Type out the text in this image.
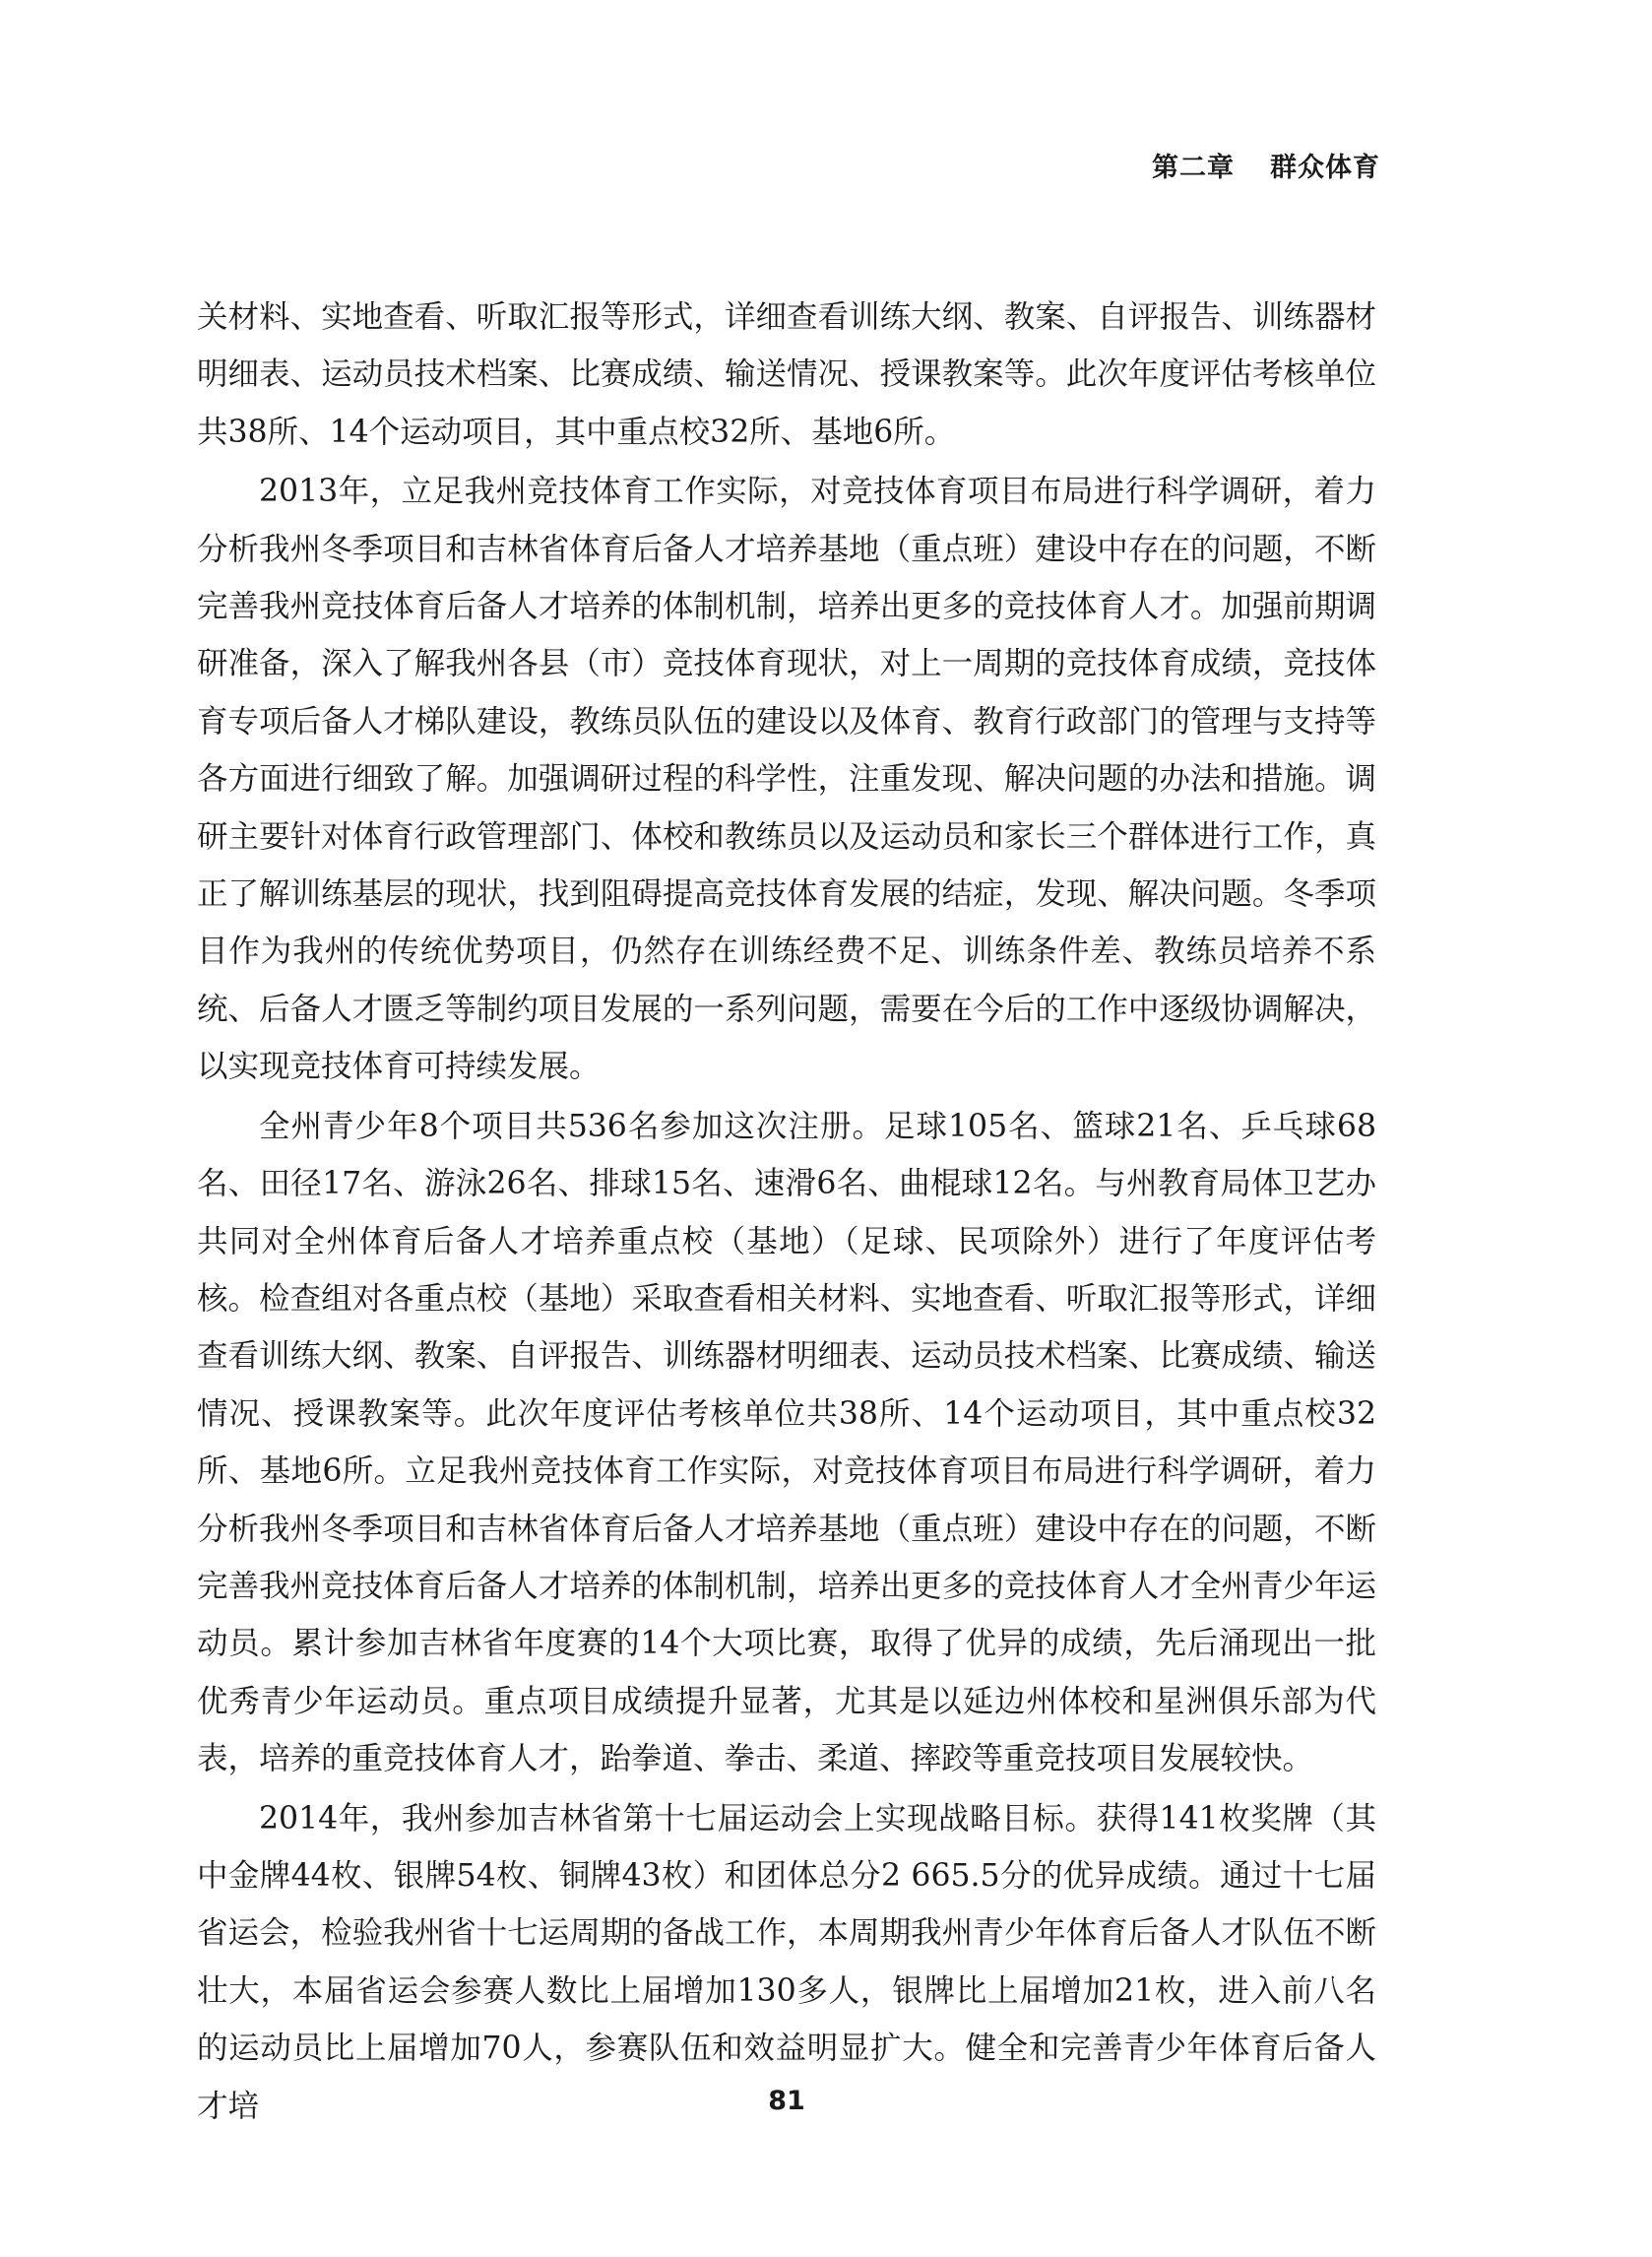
第二章 群众体育

关材料、实地查看、听取汇报等形式，详细查看训练大纲、教案、自评报告、训练器材明细表、运动员技术档案、比赛成绩、输送情况、授课教案等。此次年度评估考核单位共38所、14个运动项目，其中重点校32所、基地6所。

2013年，立足我州竞技体育工作实际，对竞技体育项目布局进行科学调研，着力分析我州冬季项目和吉林省体育后备人才培养基地（重点班）建设中存在的问题，不断完善我州竞技体育后备人才培养的体制机制，培养出更多的竞技体育人才。加强前期调研准备，深入了解我州各县（市）竞技体育现状，对上一周期的竞技体育成绩，竞技体育专项后备人才梯队建设，教练员队伍的建设以及体育、教育行政部门的管理与支持等各方面进行细致了解。加强调研过程的科学性，注重发现、解决问题的办法和措施。调研主要针对体育行政管理部门、体校和教练员以及运动员和家长三个群体进行工作，真正了解训练基层的现状，找到阻碍提高竞技体育发展的结症，发现、解决问题。冬季项目作为我州的传统优势项目，仍然存在训练经费不足、训练条件差、教练员培养不系统、后备人才匮乏等制约项目发展的一系列问题，需要在今后的工作中逐级协调解决，以实现竞技体育可持续发展。

全州青少年8个项目共536名参加这次注册。足球105名、篮球21名、乒乓球68名、田径17名、游泳26名、排球15名、速滑6名、曲棍球12名。与州教育局体卫艺办共同对全州体育后备人才培养重点校（基地）（足球、民项除外）进行了年度评估考核。检查组对各重点校（基地）采取查看相关材料、实地查看、听取汇报等形式，详细查看训练大纲、教案、自评报告、训练器材明细表、运动员技术档案、比赛成绩、输送情况、授课教案等。此次年度评估考核单位共38所、14个运动项目，其中重点校32所、基地6所。立足我州竞技体育工作实际，对竞技体育项目布局进行科学调研，着力分析我州冬季项目和吉林省体育后备人才培养基地（重点班）建设中存在的问题，不断完善我州竞技体育后备人才培养的体制机制，培养出更多的竞技体育人才全州青少年运动员。累计参加吉林省年度赛的14个大项比赛，取得了优异的成绩，先后涌现出一批优秀青少年运动员。重点项目成绩提升显著，尤其是以延边州体校和星洲俱乐部为代表，培养的重竞技体育人才，跆拳道、拳击、柔道、摔跤等重竞技项目发展较快。

2014年，我州参加吉林省第十七届运动会上实现战略目标。获得141枚奖牌（其中金牌44枚、银牌54枚、铜牌43枚）和团体总分2 665.5分的优异成绩。通过十七届省运会，检验我州省十七运周期的备战工作，本周期我州青少年体育后备人才队伍不断壮大，本届省运会参赛人数比上届增加130多人，银牌比上届增加21枚，进入前八名的运动员比上届增加70人，参赛队伍和效益明显扩大。健全和完善青少年体育后备人才培	81
